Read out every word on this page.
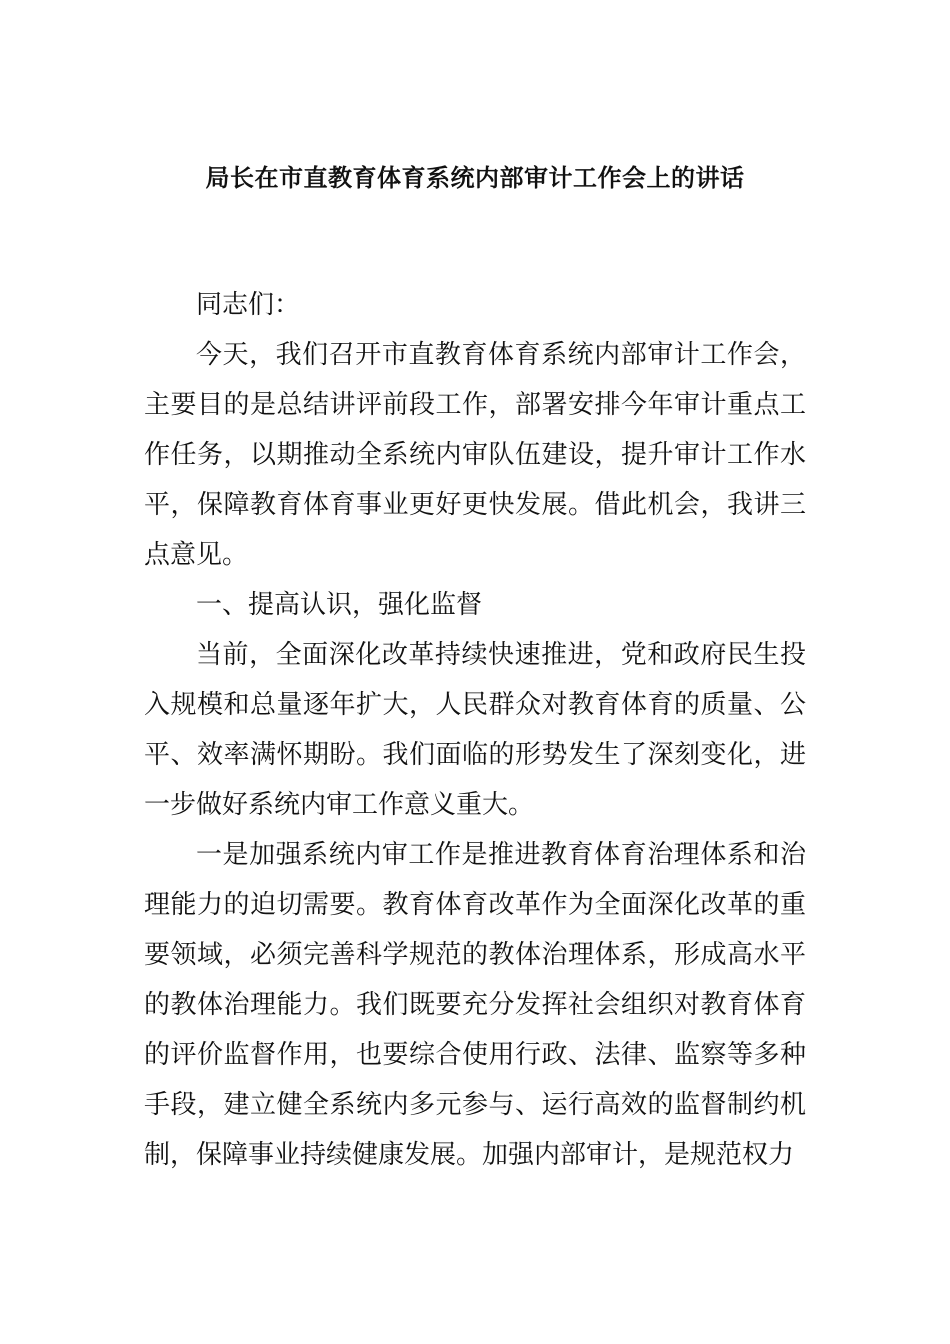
局长在市直教育体育系统内部审计工作会上的讲话

同志们：

今天，我们召开市直教育体育系统内部审计工作会，主要目的是总结讲评前段工作，部署安排今年审计重点工作任务，以期推动全系统内审队伍建设，提升审计工作水平，保障教育体育事业更好更快发展。借此机会，我讲三点意见。

一、提高认识，强化监督

当前，全面深化改革持续快速推进，党和政府民生投入规模和总量逐年扩大，人民群众对教育体育的质量、公平、效率满怀期盼。我们面临的形势发生了深刻变化，进一步做好系统内审工作意义重大。

一是加强系统内审工作是推进教育体育治理体系和治理能力的迫切需要。教育体育改革作为全面深化改革的重要领域，必须完善科学规范的教体治理体系，形成高水平的教体治理能力。我们既要充分发挥社会组织对教育体育的评价监督作用，也要综合使用行政、法律、监察等多种手段，建立健全系统内多元参与、运行高效的监督制约机制，保障事业持续健康发展。加强内部审计，是规范权力
